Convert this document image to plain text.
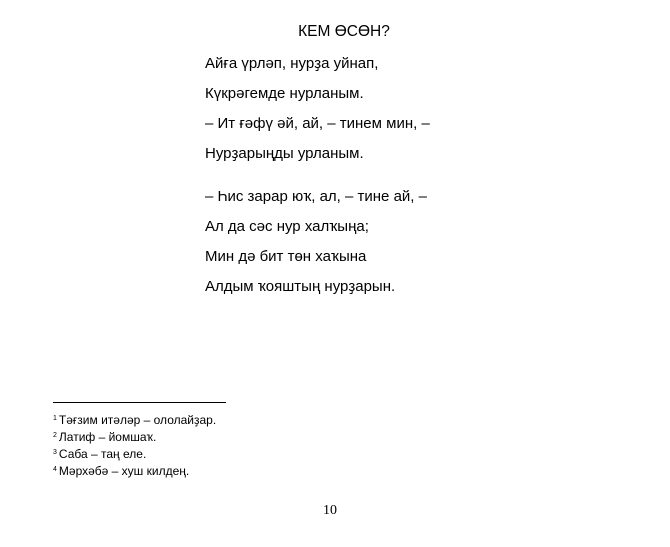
КЕМ ӨСӨН?
Айға үрләп, нурҙа уйнап,
Күкрәгемде нурланым.
– Ит ғәфү әй, ай, – тинем мин, –
Нурҙарыңды урланым.
– Һис зарар юҡ, ал, – тине ай, –
Ал да сәс нур халҡыңа;
Мин дә бит төн хаҡына
Алдым ҡояштың нурҙарын.
$^1$ Тәғзим итәләр – ололайҙар.
$^2$ Латиф – йомшаҡ.
$^3$ Саба – таң еле.
$^4$ Мәрхәбә – хуш килдең.
10
